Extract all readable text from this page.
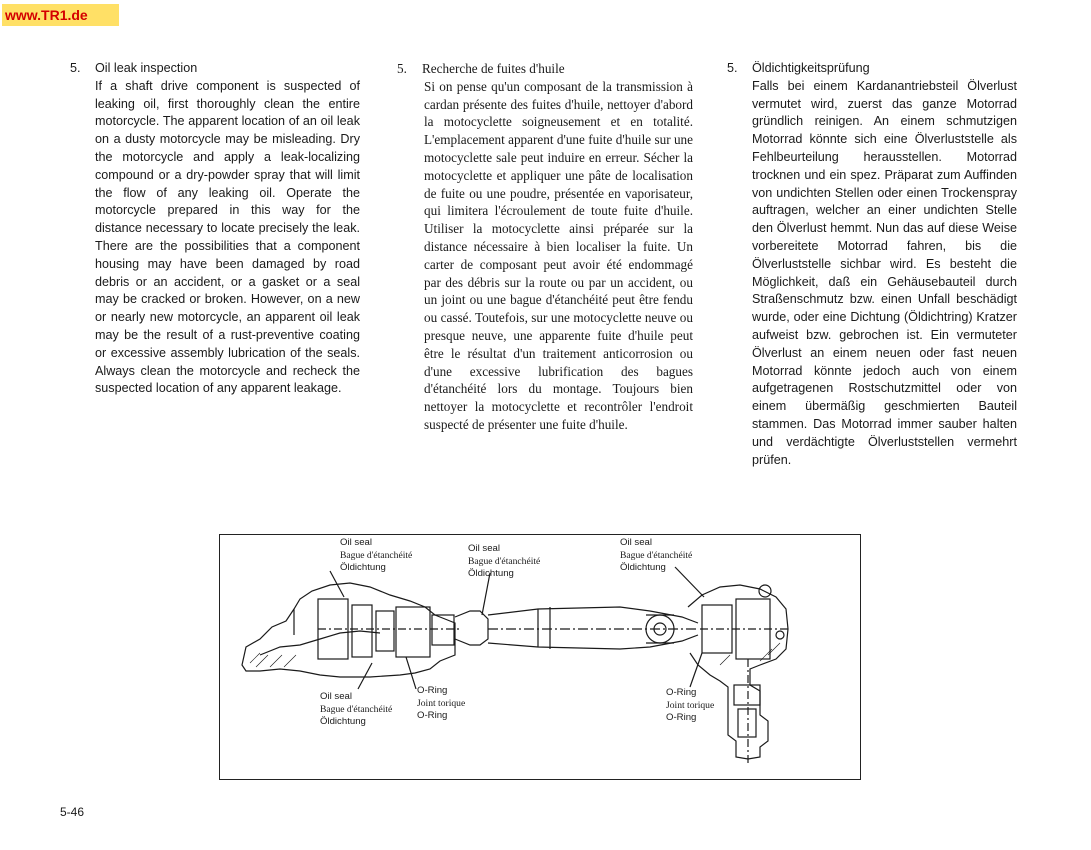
www.TR1.de
5.	Oil leak inspection
If a shaft drive component is suspected of leaking oil, first thoroughly clean the entire motorcycle. The apparent location of an oil leak on a dusty motorcycle may be misleading. Dry the motorcycle and apply a leak-localizing compound or a dry-powder spray that will limit the flow of any leaking oil. Operate the motorcycle prepared in this way for the distance necessary to locate precisely the leak. There are the possibilities that a component housing may have been damaged by road debris or an accident, or a gasket or a seal may be cracked or broken. However, on a new or nearly new motorcycle, an apparent oil leak may be the result of a rust-preventive coating or excessive assembly lubrication of the seals. Always clean the motorcycle and recheck the suspected location of any apparent leakage.
5.	Recherche de fuites d'huile
Si on pense qu'un composant de la transmission à cardan présente des fuites d'huile, nettoyer d'abord la motocyclette soigneusement et en totalité. L'emplacement apparent d'une fuite d'huile sur une motocyclette sale peut induire en erreur. Sécher la motocyclette et appliquer une pâte de localisation de fuite ou une poudre, présentée en vaporisateur, qui limitera l'écroulement de toute fuite d'huile. Utiliser la motocyclette ainsi préparée sur la distance nécessaire à bien localiser la fuite. Un carter de composant peut avoir été endommagé par des débris sur la route ou par un accident, ou un joint ou une bague d'étanchéité peut être fendu ou cassé. Toutefois, sur une motocyclette neuve ou presque neuve, une apparente fuite d'huile peut être le résultat d'un traitement anticorrosion ou d'une excessive lubrification des bagues d'étanchéité lors du montage. Toujours bien nettoyer la motocyclette et recontrôler l'endroit suspecté de présenter une fuite d'huile.
5.	Öldichtigkeitsprüfung
Falls bei einem Kardanantriebsteil Ölverlust vermutet wird, zuerst das ganze Motorrad gründlich reinigen. An einem schmutzigen Motorrad könnte sich eine Ölverluststelle als Fehlbeurteilung herausstellen. Motorrad trocknen und ein spez. Präparat zum Auffinden von undichten Stellen oder einen Trockenspray auftragen, welcher an einer undichten Stelle den Ölverlust hemmt. Nun das auf diese Weise vorbereitete Motorrad fahren, bis die Ölverluststelle sichbar wird. Es besteht die Möglichkeit, daß ein Gehäusebauteil durch Straßenschmutz bzw. einen Unfall beschädigt wurde, oder eine Dichtung (Öldichtring) Kratzer aufweist bzw. gebrochen ist. Ein vermuteter Ölverlust an einem neuen oder fast neuen Motorrad könnte jedoch auch von einem aufgetragenen Rostschutzmittel oder von einem übermäßig geschmierten Bauteil stammen. Das Motorrad immer sauber halten und verdächtigte Ölverluststellen vermehrt prüfen.
Oil seal
Bague d'étanchéité
Öldichtung
Oil seal
Bague d'étanchéité
Öldichtung
Oil seal
Bague d'étanchéité
Öldichtung
Oil seal
Bague d'étanchéité
Öldichtung
O-Ring
Joint torique
O-Ring
O-Ring
Joint torique
O-Ring
5-46
